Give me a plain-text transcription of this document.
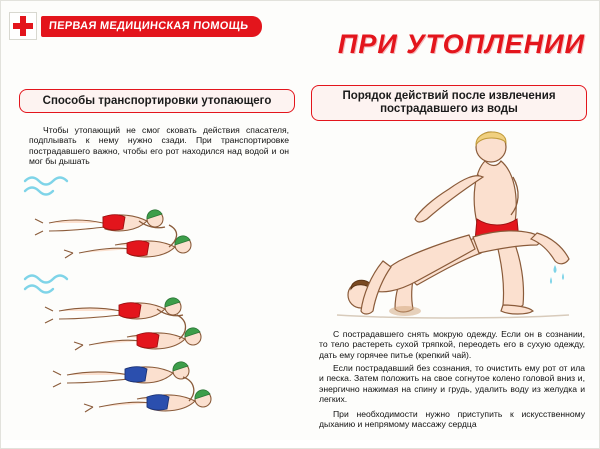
ПЕРВАЯ МЕДИЦИНСКАЯ ПОМОЩЬ
ПРИ УТОПЛЕНИИ
Способы транспортировки утопающего	Порядок действий после извлечения
пострадавшего из воды
Чтобы утопающий не смог сковать действия спасателя, подплывать к нему нужно сзади. При транспортировке пострадавшего важно, чтобы его рот находился над водой и он мог бы дышать
С пострадавшего снять мокрую одежду. Если он в сознании, то тело растереть сухой тряпкой, переодеть его в сухую одежду, дать ему горячее питье (крепкий чай).
Если пострадавший без сознания, то очистить ему рот от ила и песка. Затем положить на свое согнутое колено головой вниз и, энергично нажимая на спину и грудь, удалить воду из желудка и легких.
При необходимости нужно приступить к искусственному дыханию и непрямому массажу сердца
